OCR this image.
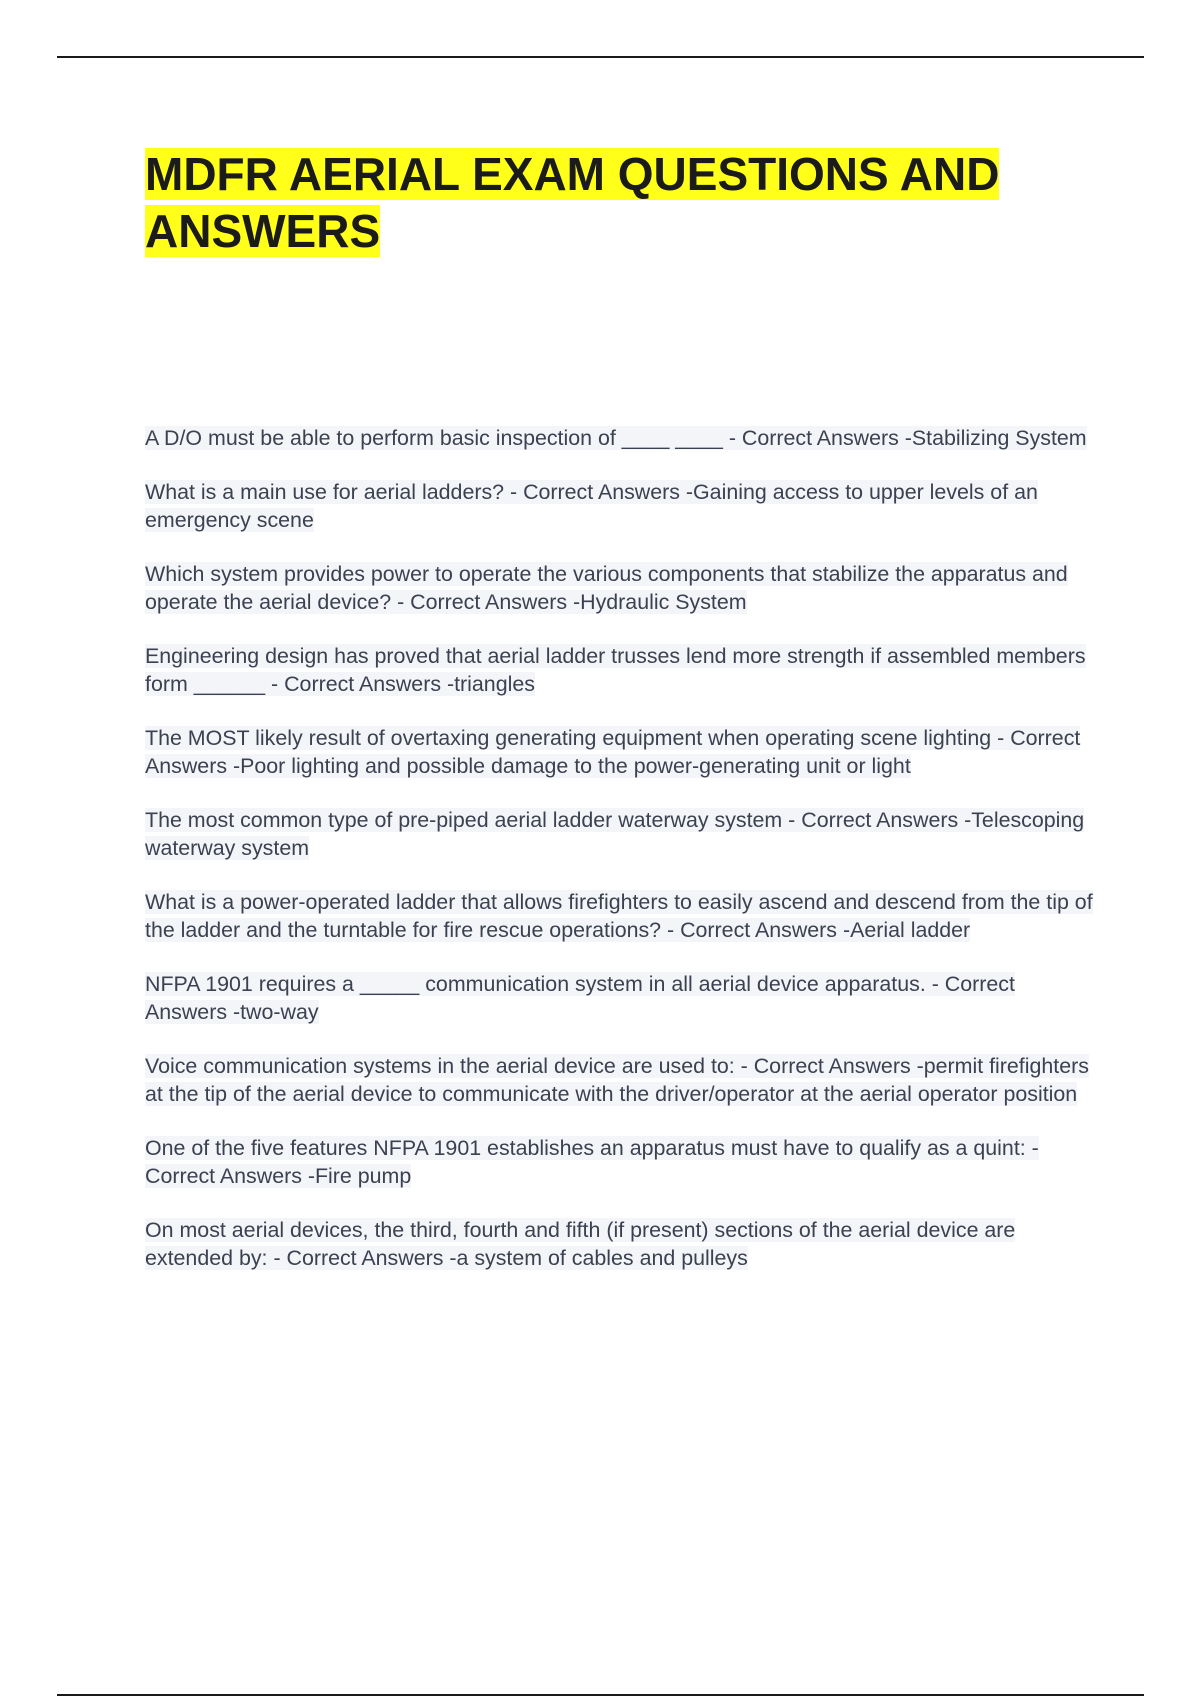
MDFR AERIAL EXAM QUESTIONS AND ANSWERS
A D/O must be able to perform basic inspection of ____ ____ - Correct Answers -Stabilizing System
What is a main use for aerial ladders? - Correct Answers -Gaining access to upper levels of an emergency scene
Which system provides power to operate the various components that stabilize the apparatus and operate the aerial device? - Correct Answers -Hydraulic System
Engineering design has proved that aerial ladder trusses lend more strength if assembled members form ______ - Correct Answers -triangles
The MOST likely result of overtaxing generating equipment when operating scene lighting - Correct Answers -Poor lighting and possible damage to the power-generating unit or light
The most common type of pre-piped aerial ladder waterway system - Correct Answers -Telescoping waterway system
What is a power-operated ladder that allows firefighters to easily ascend and descend from the tip of the ladder and the turntable for fire rescue operations? - Correct Answers -Aerial ladder
NFPA 1901 requires a _____ communication system in all aerial device apparatus. - Correct Answers -two-way
Voice communication systems in the aerial device are used to: - Correct Answers -permit firefighters at the tip of the aerial device to communicate with the driver/operator at the aerial operator position
One of the five features NFPA 1901 establishes an apparatus must have to qualify as a quint: - Correct Answers -Fire pump
On most aerial devices, the third, fourth and fifth (if present) sections of the aerial device are extended by: - Correct Answers -a system of cables and pulleys
